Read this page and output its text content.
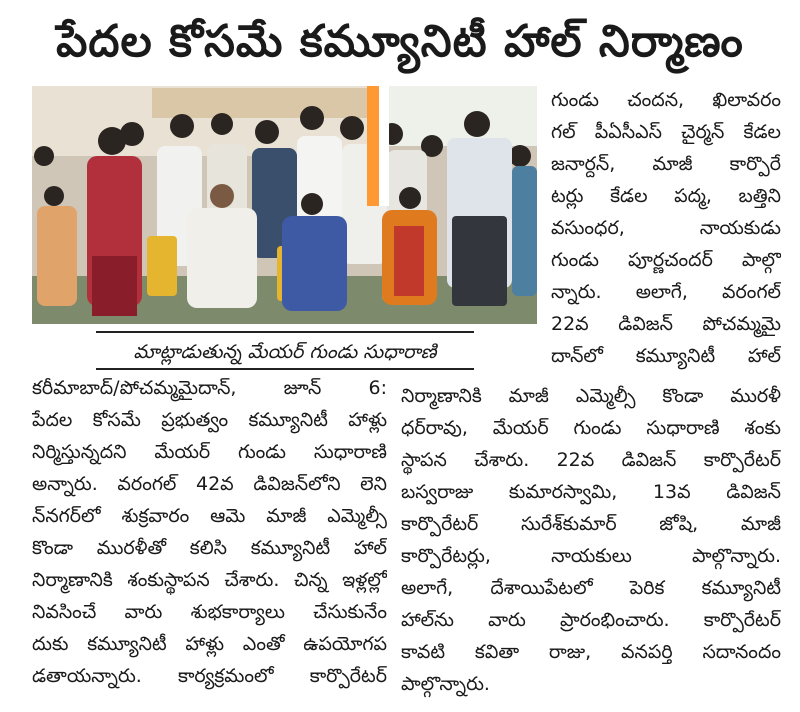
పేదల కోసమే కమ్యూనిటీ హాల్ నిర్మాణం
మాట్లాడుతున్న మేయర్ గుండు సుధారాణి
గుండు చందన, ఖిలావరం
గల్ పీఏసీఎస్ చైర్మన్ కేడల
జనార్దన్, మాజీ కార్పొరే
టర్లు కేడల పద్మ, బత్తిని
వసుంధర, నాయకుడు
గుండు పూర్ణచందర్ పాల్గొ
న్నారు. అలాగే, వరంగల్
22వ డివిజన్ పోచమ్మమై
దాన్‌లో కమ్యూనిటీ హాల్
కరీమాబాద్/పోచమ్మమైదాన్, జూన్ 6:
పేదల కోసమే ప్రభుత్వం కమ్యూనిటీ హాళ్లు
నిర్మిస్తున్నదని మేయర్ గుండు సుధారాణి
అన్నారు. వరంగల్ 42వ డివిజన్‌లోని లెని
న్‌నగర్‌లో శుక్రవారం ఆమె మాజీ ఎమ్మెల్సీ
కొండా మురళీతో కలిసి కమ్యూనిటీ హాల్
నిర్మాణానికి శంకుస్థాపన చేశారు. చిన్న ఇళ్లల్లో
నివసించే వారు శుభకార్యాలు చేసుకునేం
దుకు కమ్యూనిటీ హాళ్లు ఎంతో ఉపయోగప
డతాయన్నారు. కార్యక్రమంలో కార్పొరేటర్
నిర్మాణానికి మాజీ ఎమ్మెల్సీ కొండా మురళీ
ధర్‌రావు, మేయర్ గుండు సుధారాణి శంకు
స్థాపన చేశారు. 22వ డివిజన్ కార్పొరేటర్
బస్వరాజు కుమారస్వామి, 13వ డివిజన్
కార్పొరేటర్ సురేశ్‌కుమార్ జోషి, మాజీ
కార్పొరేటర్లు, నాయకులు పాల్గొన్నారు.
అలాగే, దేశాయిపేటలో పెరిక కమ్యూనిటీ
హాల్‌ను వారు ప్రారంభించారు. కార్పొరేటర్
కావటి కవితా రాజు, వనపర్తి సదానందం
పాల్గొన్నారు.
